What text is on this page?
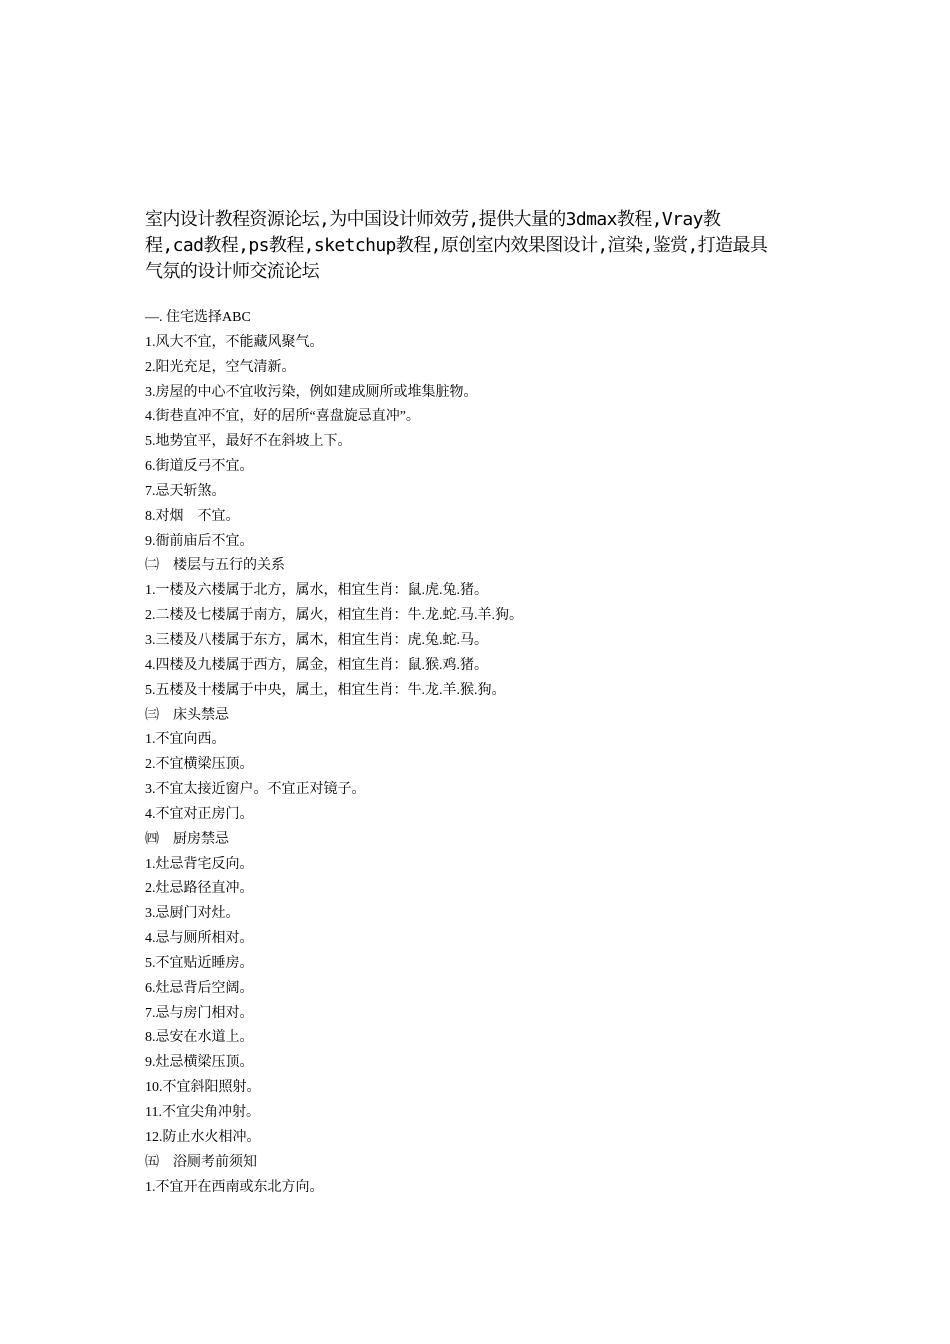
室内设计教程资源论坛,为中国设计师效劳,提供大量的3dmax教程,Vray教
程,cad教程,ps教程,sketchup教程,原创室内效果图设计,渲染,鉴赏,打造最具
气氛的设计师交流论坛
—. 住宅选择ABC
1.风大不宜，不能藏风聚气。
2.阳光充足，空气清新。
3.房屋的中心不宜收污染，例如建成厕所或堆集脏物。
4.街巷直冲不宜，好的居所“喜盘旋忌直冲”。
5.地势宜平，最好不在斜坡上下。
6.街道反弓不宜。
7.忌天斩煞。
8.对烟 不宜。
9.衙前庙后不宜。
㈡ 楼层与五行的关系
1.一楼及六楼属于北方，属水，相宜生肖：鼠.虎.兔.猪。
2.二楼及七楼属于南方，属火，相宜生肖：牛.龙.蛇.马.羊.狗。
3.三楼及八楼属于东方，属木，相宜生肖：虎.兔.蛇.马。
4.四楼及九楼属于西方，属金，相宜生肖：鼠.猴.鸡.猪。
5.五楼及十楼属于中央，属土，相宜生肖：牛.龙.羊.猴.狗。
㈢ 床头禁忌
1.不宜向西。
2.不宜横梁压顶。
3.不宜太接近窗户。不宜正对镜子。
4.不宜对正房门。
㈣ 厨房禁忌
1.灶忌背宅反向。
2.灶忌路径直冲。
3.忌厨门对灶。
4.忌与厕所相对。
5.不宜贴近睡房。
6.灶忌背后空阔。
7.忌与房门相对。
8.忌安在水道上。
9.灶忌横梁压顶。
10.不宜斜阳照射。
11.不宜尖角冲射。
12.防止水火相冲。
㈤ 浴厕考前须知
1.不宜开在西南或东北方向。
